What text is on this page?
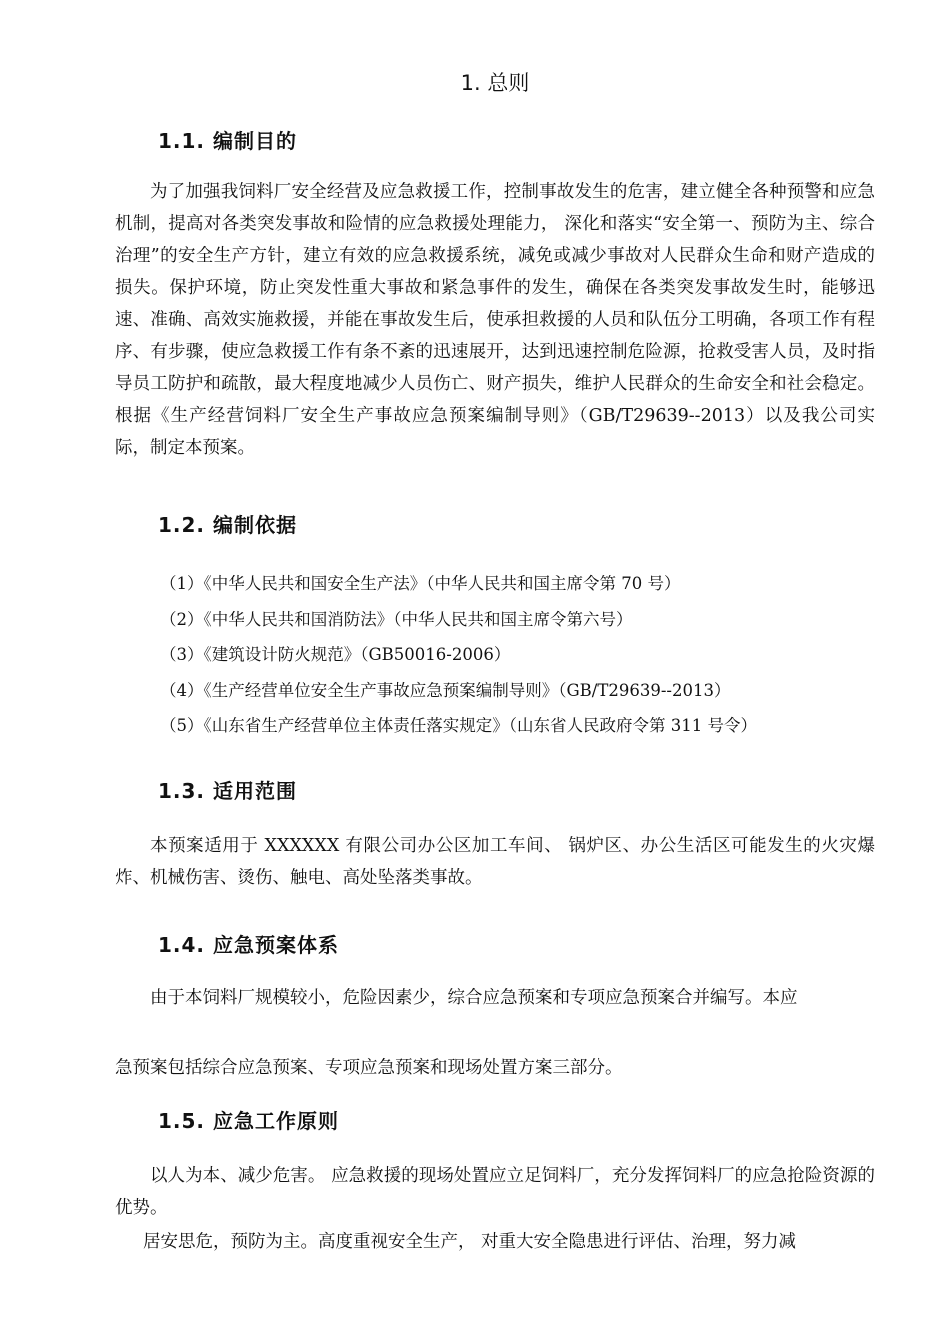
1. 总则
1.1. 编制目的

为了加强我饲料厂安全经营及应急救援工作，控制事故发生的危害，建立健全各种预警和应急机制，提高对各类突发事故和险情的应急救援处理能力， 深化和落实“安全第一、预防为主、综合治理”的安全生产方针，建立有效的应急救援系统，减免或减少事故对人民群众生命和财产造成的损失。保护环境，防止突发性重大事故和紧急事件的发生，确保在各类突发事故发生时，能够迅速、准确、高效实施救援，并能在事故发生后，使承担救援的人员和队伍分工明确，各项工作有程序、有步骤，使应急救援工作有条不紊的迅速展开，达到迅速控制危险源，抢救受害人员，及时指导员工防护和疏散，最大程度地减少人员伤亡、财产损失，维护人民群众的生命安全和社会稳定。根据《生产经营饲料厂安全生产事故应急预案编制导则》（GB/T29639--2013）以及我公司实际，制定本预案。

1.2. 编制依据
（1）《中华人民共和国安全生产法》（中华人民共和国主席令第 70 号）
（2）《中华人民共和国消防法》（中华人民共和国主席令第六号）
（3）《建筑设计防火规范》（GB50016-2006）
（4）《生产经营单位安全生产事故应急预案编制导则》（GB/T29639--2013）
（5）《山东省生产经营单位主体责任落实规定》（山东省人民政府令第 311 号令）
1.3. 适用范围

本预案适用于 XXXXXX 有限公司办公区加工车间、 锅炉区、办公生活区可能发生的火灾爆炸、机械伤害、烫伤、触电、高处坠落类事故。

1.4. 应急预案体系

由于本饲料厂规模较小，危险因素少，综合应急预案和专项应急预案合并编写。本应

急预案包括综合应急预案、专项应急预案和现场处置方案三部分。

1.5. 应急工作原则

以人为本、减少危害。 应急救援的现场处置应立足饲料厂，充分发挥饲料厂的应急抢险资源的优势。

居安思危，预防为主。高度重视安全生产， 对重大安全隐患进行评估、治理，努力减
